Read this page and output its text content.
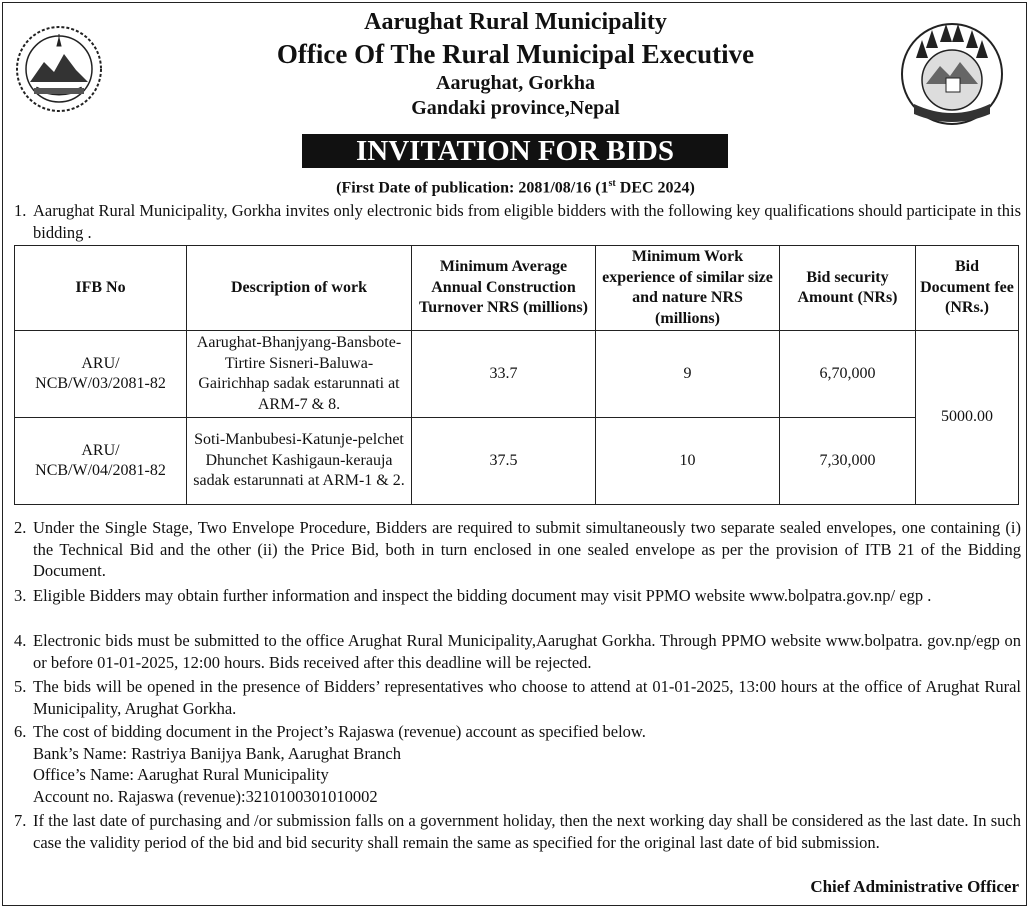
Aarughat Rural Municipality
Office Of The Rural Municipal Executive
Aarughat, Gorkha
Gandaki province,Nepal
INVITATION FOR BIDS
(First Date of publication: 2081/08/16 (1st DEC 2024)
1. Aarughat Rural Municipality, Gorkha invites only electronic bids from eligible bidders with the following key qualifications should participate in this bidding .
IFB No	Description of work	Minimum Average Annual Construction Turnover NRS (millions)	Minimum Work experience of similar size and nature NRS (millions)	Bid security Amount (NRs)	Bid Document fee (NRs.)
ARU/
NCB/W/03/2081-82	Aarughat-Bhanjyang-Bansbote-Tirtire Sisneri-Baluwa-Gairichhap sadak estarunnati at ARM-7 & 8.	33.7	9	6,70,000	5000.00
ARU/
NCB/W/04/2081-82	Soti-Manbubesi-Katunje-pelchet Dhunchet Kashigaun-kerauja sadak estarunnati at ARM-1 & 2.	37.5	10	7,30,000	
2. Under the Single Stage, Two Envelope Procedure, Bidders are required to submit simultaneously two separate sealed envelopes, one containing (i) the Technical Bid and the other (ii) the Price Bid, both in turn enclosed in one sealed envelope as per the provision of ITB 21 of the Bidding Document.
3. Eligible Bidders may obtain further information and inspect the bidding document may visit PPMO website www.bolpatra.gov.np/ egp .
4. Electronic bids must be submitted to the office Arughat Rural Municipality,Aarughat Gorkha. Through PPMO website www.bolpatra. gov.np/egp on or before 01-01-2025, 12:00 hours. Bids received after this deadline will be rejected.
5. The bids will be opened in the presence of Bidders’ representatives who choose to attend at 01-01-2025, 13:00 hours at the office of Arughat Rural Municipality, Arughat Gorkha.
6. The cost of bidding document in the Project’s Rajaswa (revenue) account as specified below.
Bank’s Name: Rastriya Banijya Bank, Aarughat Branch
Office’s Name: Aarughat Rural Municipality
Account no. Rajaswa (revenue):3210100301010002
7. If the last date of purchasing and /or submission falls on a government holiday, then the next working day shall be considered as the last date. In such case the validity period of the bid and bid security shall remain the same as specified for the original last date of bid submission.
Chief Administrative Officer
